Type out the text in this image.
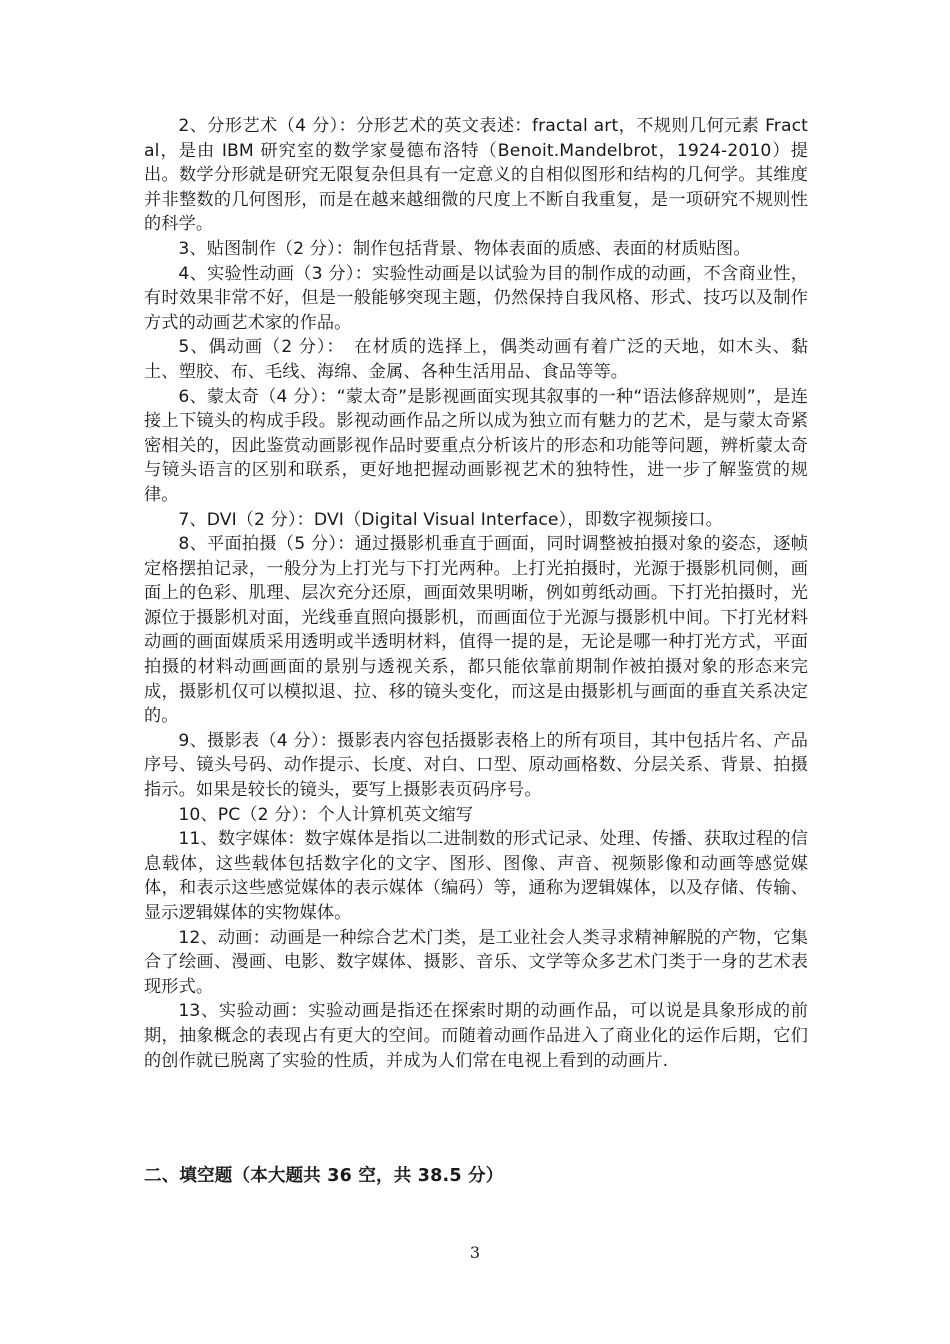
2、分形艺术（4 分）：分形艺术的英文表述：fractal art，不规则几何元素 Fractal，是由 IBM 研究室的数学家曼德布洛特（Benoit.Mandelbrot，1924-2010）提出。数学分形就是研究无限复杂但具有一定意义的自相似图形和结构的几何学。其维度并非整数的几何图形，而是在越来越细微的尺度上不断自我重复，是一项研究不规则性的科学。

3、贴图制作（2 分）：制作包括背景、物体表面的质感、表面的材质贴图。

4、实验性动画（3 分）：实验性动画是以试验为目的制作成的动画，不含商业性，有时效果非常不好，但是一般能够突现主题，仍然保持自我风格、形式、技巧以及制作方式的动画艺术家的作品。

5、偶动画（2 分）：　在材质的选择上，偶类动画有着广泛的天地，如木头、黏土、塑胶、布、毛线、海绵、金属、各种生活用品、食品等等。

6、蒙太奇（4 分）：“蒙太奇”是影视画面实现其叙事的一种“语法修辞规则”，是连接上下镜头的构成手段。影视动画作品之所以成为独立而有魅力的艺术，是与蒙太奇紧密相关的，因此鉴赏动画影视作品时要重点分析该片的形态和功能等问题，辨析蒙太奇与镜头语言的区别和联系，更好地把握动画影视艺术的独特性，进一步了解鉴赏的规律。

7、DVI（2 分）：DVI（Digital Visual Interface），即数字视频接口。

8、平面拍摄（5 分）：通过摄影机垂直于画面，同时调整被拍摄对象的姿态，逐帧定格摆拍记录，一般分为上打光与下打光两种。上打光拍摄时，光源于摄影机同侧，画面上的色彩、肌理、层次充分还原，画面效果明晰，例如剪纸动画。下打光拍摄时，光源位于摄影机对面，光线垂直照向摄影机，而画面位于光源与摄影机中间。下打光材料动画的画面媒质采用透明或半透明材料，值得一提的是，无论是哪一种打光方式，平面拍摄的材料动画画面的景别与透视关系，都只能依靠前期制作被拍摄对象的形态来完成，摄影机仅可以模拟退、拉、移的镜头变化，而这是由摄影机与画面的垂直关系决定的。

9、摄影表（4 分）：摄影表内容包括摄影表格上的所有项目，其中包括片名、产品序号、镜头号码、动作提示、长度、对白、口型、原动画格数、分层关系、背景、拍摄指示。如果是较长的镜头，要写上摄影表页码序号。

10、PC（2 分）：个人计算机英文缩写

11、数字媒体：数字媒体是指以二进制数的形式记录、处理、传播、获取过程的信息载体，这些载体包括数字化的文字、图形、图像、声音、视频影像和动画等感觉媒体，和表示这些感觉媒体的表示媒体（编码）等，通称为逻辑媒体，以及存储、传输、显示逻辑媒体的实物媒体。

12、动画：动画是一种综合艺术门类，是工业社会人类寻求精神解脱的产物，它集合了绘画、漫画、电影、数字媒体、摄影、音乐、文学等众多艺术门类于一身的艺术表现形式。

13、实验动画：实验动画是指还在探索时期的动画作品，可以说是具象形成的前期，抽象概念的表现占有更大的空间。而随着动画作品进入了商业化的运作后期，它们的创作就已脱离了实验的性质，并成为人们常在电视上看到的动画片.

二、填空题（本大题共 36 空，共 38.5 分）

3
